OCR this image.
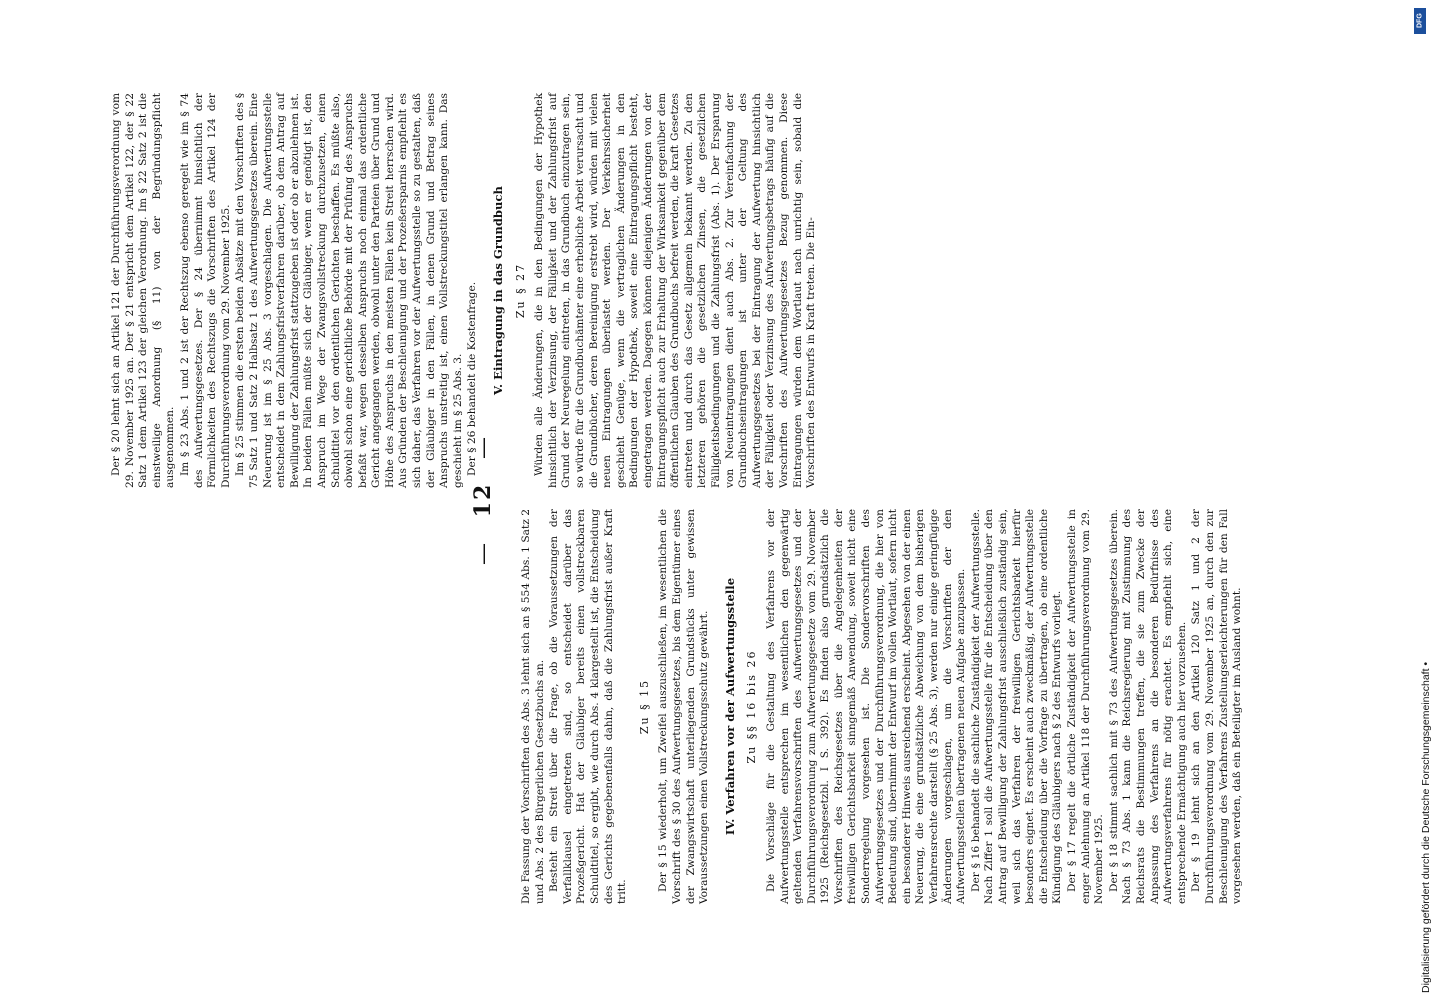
— 12 —

Die Fassung der Vorschriften des Abs. 3 lehnt sich an § 554 Abs. 1 Satz 2 und Abs. 2 des Bürgerlichen Gesetzbuchs an. Besteht ein Streit über die Frage, ob die Voraussetzungen der Verfallklausel eingetreten sind, so entscheidet darüber das Prozeßgericht. Hat der Gläubiger bereits einen vollstreckbaren Schuldtitel, so ergibt, wie durch Abs. 4 klargestellt ist, die Entscheidung des Gerichts gegebenenfalls dahin, daß die Zahlungsfrist außer Kraft tritt.

Zu § 15 Der § 15 wiederholt, um Zweifel auszuschließen, im wesentlichen die Vorschrift des § 30 des Aufwertungsgesetzes, bis dem Eigentümer eines der Zwangswirtschaft unterliegenden Grundstücks unter gewissen Voraussetzungen einen Vollstreckungsschutz gewährt. IV. Verfahren vor der Aufwertungsstelle Zu §§ 16 bis 26 Die Vorschläge für die Gestaltung des Verfahrens vor der Aufwertungsstelle entsprechen im wesentlichen den gegenwärtig geltenden Verfahrensvorschriften des Aufwertungsgesetzes und der Durchführungsverordnung zum Aufwertungsgesetze vom 29. November 1925 (Reichsgesetzbl. I S. 392). Es finden also grundsätzlich die Vorschriften des Reichsgesetzes über die Angelegenheiten der freiwilligen Gerichtsbarkeit sinngemäß Anwendung, soweit nicht eine Sonderregelung vorgesehen ist. Die Sondervorschriften des Aufwertungsgesetzes und der Durchführungsverordnung, die hier von Bedeutung sind, übernimmt der Entwurf im vollen Wortlaut, sofern nicht ein besonderer Hinweis ausreichend erscheint. Abgesehen von der einen Neuerung, die eine grundsätzliche Abweichung von dem bisherigen Verfahrensrechte darstellt (§ 25 Abs. 3), werden nur einige geringfügige Änderungen vorgeschlagen, um die Vorschriften der den Aufwertungsstellen übertragenen neuen Aufgabe anzupassen. Der § 16 behandelt die sachliche Zuständigkeit der Aufwertungsstelle. Nach Ziffer 1 soll die Aufwertungsstelle für die Entscheidung über den Antrag auf Bewilligung der Zahlungsfrist ausschließlich zuständig sein, weil sich das Verfahren der freiwilligen Gerichtsbarkeit hierfür besonders eignet. Es erscheint auch zweckmäßig, der Aufwertungsstelle die Entscheidung über die Vorfrage zu übertragen, ob eine ordentliche Kündigung des Gläubigers nach § 2 des Entwurfs vorliegt. Der § 17 regelt die örtliche Zuständigkeit der Aufwertungsstelle in enger Anlehnung an Artikel 118 der Durchführungsverordnung vom 29. November 1925. Der § 18 stimmt sachlich mit § 73 des Aufwertungsgesetzes überein. Nach § 73 Abs. 1 kann die Reichsregierung mit Zustimmung des Reichsrats die Bestimmungen treffen, die sie zum Zwecke der Anpassung des Verfahrens an die besonderen Bedürfnisse des Aufwertungsverfahrens für nötig erachtet. Es empfiehlt sich, eine entsprechende Ermächtigung auch hier vorzusehen. Der § 19 lehnt sich an den Artikel 120 Satz 1 und 2 der Durchführungsverordnung vom 29. November 1925 an, durch den zur Beschleunigung des Verfahrens Zustellungserleichterungen für den Fall vorgesehen werden, daß ein Beteiligter im Ausland wohnt.

Der § 20 lehnt sich an Artikel 121 der Durchführungsverordnung vom 29. November 1925 an. Der § 21 entspricht dem Artikel 122, der § 22 Satz 1 dem Artikel 123 der gleichen Verordnung. Im § 22 Satz 2 ist die einstweilige Anordnung (§ 11) von der Begründungspflicht ausgenommen. Im § 23 Abs. 1 und 2 ist der Rechtszug ebenso geregelt wie im § 74 des Aufwertungsgesetzes. Der § 24 übernimmt hinsichtlich der Förmlichkeiten des Rechtszugs die Vorschriften des Artikel 124 der Durchführungsverordnung vom 29. November 1925. Im § 25 stimmen die ersten beiden Absätze mit den Vorschriften des § 75 Satz 1 und Satz 2 Halbsatz 1 des Aufwertungsgesetzes überein. Eine Neuerung ist im § 25 Abs. 3 vorgeschlagen. Die Aufwertungsstelle entscheidet in dem Zahlungsfristverfahren darüber, ob dem Antrag auf Bewilligung der Zahlungsfrist stattzugeben ist oder ob er abzulehnen ist. In beiden Fällen müßte sich der Gläubiger, wenn er genötigt ist, den Anspruch im Wege der Zwangsvollstreckung durchzusetzen, einen Schuldtitel vor den ordentlichen Gerichten beschaffen. Es müßte also, obwohl schon eine gerichtliche Behörde mit der Prüfung des Anspruchs befaßt war, wegen desselben Anspruchs noch einmal das ordentliche Gericht angegangen werden, obwohl unter den Parteien über Grund und Höhe des Anspruchs in den meisten Fällen kein Streit herrschen wird. Aus Gründen der Beschleunigung und der Prozeßersparnis empfiehlt es sich daher, das Verfahren vor der Aufwertungsstelle so zu gestalten, daß der Gläubiger in den Fällen, in denen Grund und Betrag seines Anspruchs unstreitig ist, einen Vollstreckungstitel erlangen kann. Das geschieht im § 25 Abs. 3. Der § 26 behandelt die Kostenfrage. V. Eintragung in das Grundbuch Zu § 27 Würden alle Änderungen, die in den Bedingungen der Hypothek hinsichtlich der Verzinsung, der Fälligkeit und der Zahlungsfrist auf Grund der Neuregelung eintreten, in das Grundbuch einzutragen sein, so würde für die Grundbuchämter eine erhebliche Arbeit verursacht und die Grundbücher, deren Bereinigung erstrebt wird, würden mit vielen neuen Eintragungen überlastet werden. Der Verkehrssicherheit geschieht Genüge, wenn die vertraglichen Änderungen in den Bedingungen der Hypothek, soweit eine Eintragungspflicht besteht, eingetragen werden. Dagegen können diejenigen Änderungen von der Eintragungspflicht auch zur Erhaltung der Wirksamkeit gegenüber dem öffentlichen Glauben des Grundbuchs befreit werden, die kraft Gesetzes eintreten und durch das Gesetz allgemein bekannt werden. Zu den letzteren gehören die gesetzlichen Zinsen, die gesetzlichen Fälligkeitsbedingungen und die Zahlungsfrist (Abs. 1). Der Ersparung von Neueintragungen dient auch Abs. 2. Zur Vereinfachung der Grundbuchseintragungen ist unter der Geltung des Aufwertungsgesetzes bei der Eintragung der Aufwertung hinsichtlich der Fälligkeit oder Verzinsung des Aufwertungsbetrags häufig auf die Vorschriften des Aufwertungsgesetzes Bezug genommen. Diese Eintragungen würden dem Wortlaut nach unrichtig sein, sobald die Vorschriften des Entwurfs in Kraft treten. Die Ein-

DFG
Digitalisierung gefördert durch die Deutsche Forschungsgemeinschaft •
